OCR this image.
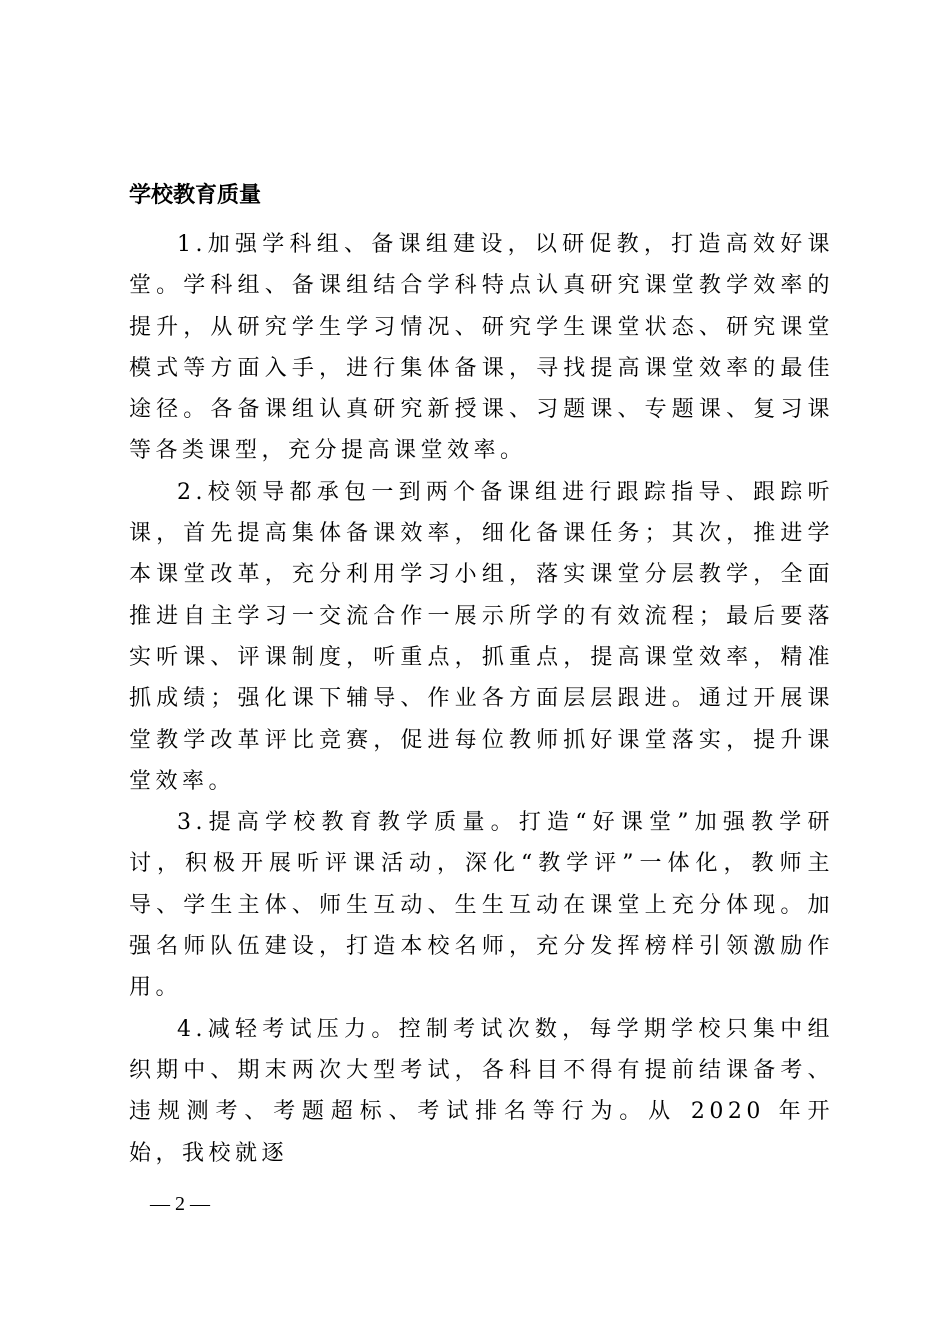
学校教育质量

1.加强学科组、备课组建设，以研促教，打造高效好课堂。学科组、备课组结合学科特点认真研究课堂教学效率的提升，从研究学生学习情况、研究学生课堂状态、研究课堂模式等方面入手，进行集体备课，寻找提高课堂效率的最佳途径。各备课组认真研究新授课、习题课、专题课、复习课等各类课型，充分提高课堂效率。

2.校领导都承包一到两个备课组进行跟踪指导、跟踪听课，首先提高集体备课效率，细化备课任务；其次，推进学本课堂改革，充分利用学习小组，落实课堂分层教学，全面推进自主学习一交流合作一展示所学的有效流程；最后要落实听课、评课制度，听重点，抓重点，提高课堂效率，精准抓成绩；强化课下辅导、作业各方面层层跟进。通过开展课堂教学改革评比竞赛，促进每位教师抓好课堂落实，提升课堂效率。

3.提高学校教育教学质量。打造“好课堂”加强教学研讨，积极开展听评课活动，深化“教学评”一体化，教师主导、学生主体、师生互动、生生互动在课堂上充分体现。加强名师队伍建设，打造本校名师，充分发挥榜样引领激励作用。

4.减轻考试压力。控制考试次数，每学期学校只集中组织期中、期末两次大型考试，各科目不得有提前结课备考、违规测考、考题超标、考试排名等行为。从 2020 年开始，我校就逐

— 2 —
